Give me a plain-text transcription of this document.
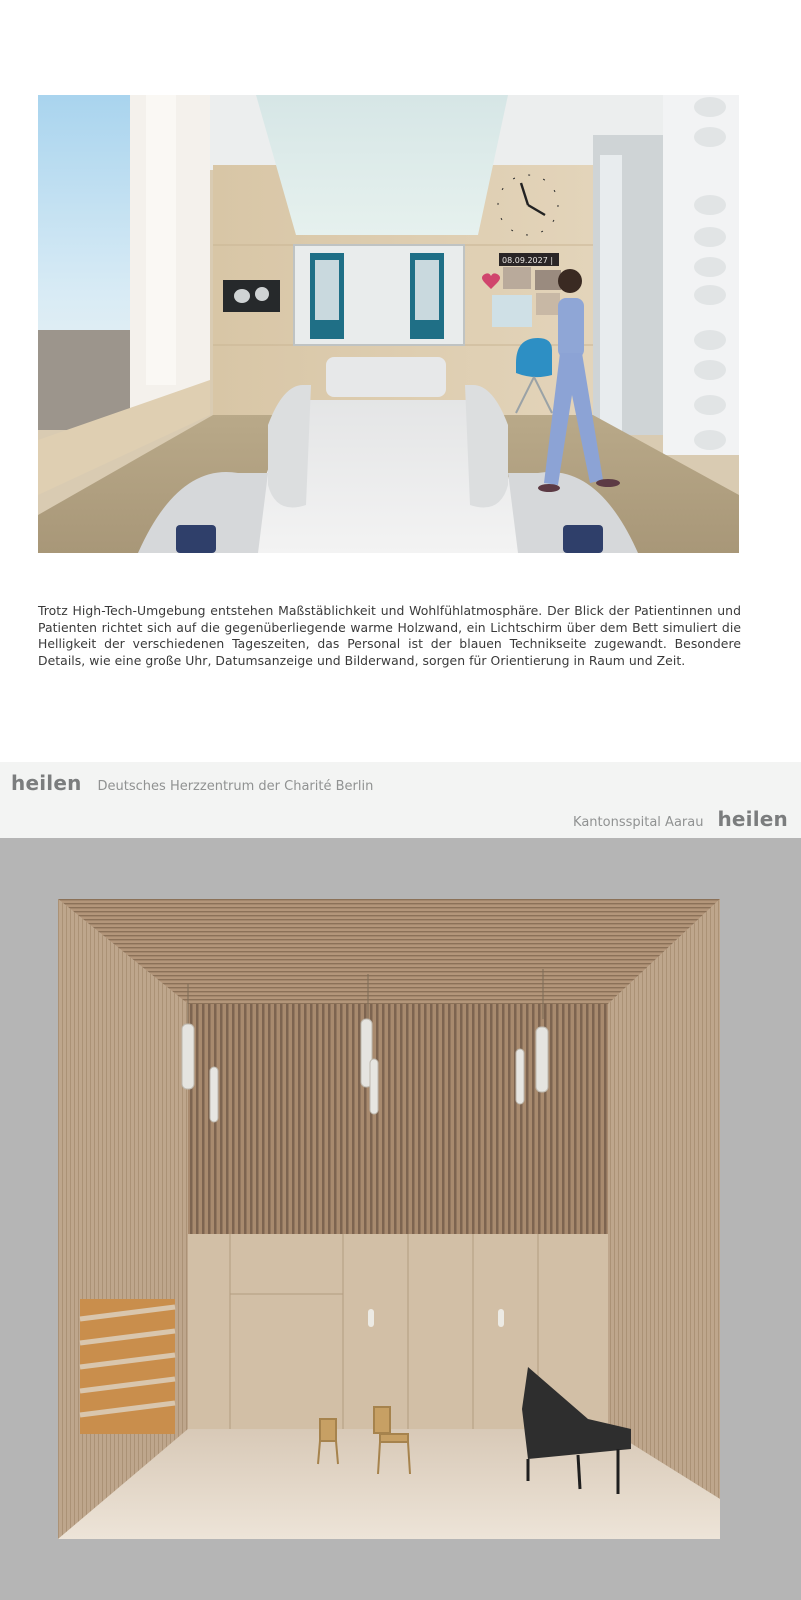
08.09.2027 |

Trotz High-Tech-Umgebung entstehen Maßstäblichkeit und Wohlfühlatmosphäre. Der Blick der Patientinnen und Patienten richtet sich auf die gegenüberliegende warme Holzwand, ein Lichtschirm über dem Bett simuliert die Helligkeit der verschiedenen Tageszeiten, das Personal ist der blauen Technikseite zugewandt. Besondere Details, wie eine große Uhr, Datumsanzeige und Bilderwand, sorgen für Orientierung in Raum und Zeit.

heilen Deutsches Herzzentrum der Charité Berlin
Kantonsspital Aarau heilen
